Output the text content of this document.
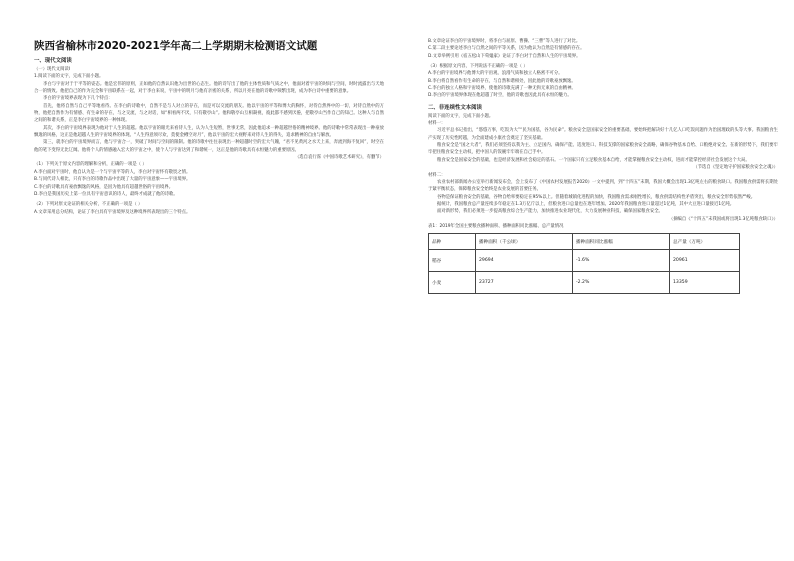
陕西省榆林市2020-2021学年高二上学期期末检测语文试题
一、现代文阅读
（一）现代文阅读Ⅰ

1.阅读下面的文字，完成下面小题。

李白与宇宙对于于平等的姿态。他是宏伟的原则，正如他的自然认识他为出世的心态生。他的诗写出了他的主体性质和气质之中，他面对着宇宙的时间与空间，时时流露出与天地合一的情致。他把自己的作为完全和宇宙联系在一起，对于李白来说，宇宙中的明月与他有亲密的关系，所以月亮在他的诗歌中频繁出现，成为李白诗中重要的意象。

李白的宇宙境界表现为下几个特点：

首先，他将自然与自己平等地看待。在李白的诗歌中，自然不是与人对立的存在，而是可以交流的朋友。他以宇宙的平等和博大的胸怀，对待自然界中的一切，对待自然中的万物，他把自然作为有情感、有生命的存在，与之交流，与之对话，如“相看两不厌，只有敬亭山”。他和敬亭山互相凝视，彼此都不感到厌倦，把敬亭山当作自己的知己。这种人与自然之间的和谐关系，正是李白宇宙境界的一种体现。

其次，李白的宇宙境界表现为他对于人生的超越。他以宇宙的眼光来看待人生，认为人生短暂，世事无常，因此他追求一种超越世俗的精神境界。他的诗歌中常常表现出一种豪放飘逸的风格，这正是他超越人生的宇宙境界的体现。“人生得意须尽欢，莫使金樽空对月”，他以宇宙的宏大视野来对待人生的得失，追求精神的自由与解放。

第三，就李白的宇宙境界而言，他与宇宙合一，突破了时间与空间的限制。他的诗歌中往往表现出一种超越时空的宏大气魄，“君不见黄河之水天上来，奔流到海不复回”，时空在他的笔下变得无比辽阔。他将个人的情感融入宏大的宇宙之中，使个人与宇宙达到了和谐统一，这正是他的诗歌具有永恒魅力的重要原因。

（选自袁行霈《中国诗歌艺术研究》，有删节）

（1）下列关于原文内容的理解和分析，正确的一项是（ ）

A.李白面对宇宙时，他自认为是一个与宇宙平等的人，李白对宇宙怀有敬畏之情。

B.与同代诗人相比，只有李白的诗歌作品中出现了大量的宇宙意象——宇宙境界。

C.李白的诗歌具有豪放飘逸的风格，是因为他具有超越世俗的宇宙境界。

D.李白是我国历史上第一位具有宇宙意识的诗人，最终才成就了他的诗歌。

（2）下列对原文论证的相关分析，不正确的一项是（ ）

A.文章采用总分结构，论证了李白具有宇宙境界及这种境界所表现出的三个特点。

B.文章论证李白的宇宙境界时，将李白与屈原、曹操、“三曹”等人进行了对比。

C.第二段主要论述李白与自然之间的平等关系，因为他认为自然是有情感的存在。

D.文章举例引用《宿五松山下荀媪家》论证了李白对于自然和人生的宇宙境界。

（3）根据原文内容，下列说法不正确的一项是（ ）

A.李白的宇宙境界与他博大的宇宙观、浪漫气质和独立人格密不可分。

B.李白将自然看作有生命的存在，与自然和谐相处，因此他的诗歌豪放飘逸。

C.李白的独立人格和宇宙境界，使他的诗歌充满了一种无拘无束的自由精神。

D.李白的宇宙境界体现在他超越了时空，他的诗歌也因此具有永恒的魅力。

二、非连续性文本阅读

阅读下面的文字，完成下面小题。

材料一：

习近平总书记指出，“悠悠万事，吃饭为大”“民为国基，谷为民命”。粮食安全是国家安全的重要基础，要始终把解决好十几亿人口吃饭问题作为治国理政的头等大事。我国粮食生产实现了历史性跨越，为全面建成小康社会奠定了坚实基础。

粮食安全是“国之大者”，我们必须坚持以我为主、立足国内、确保产能、适度进口、科技支撑的国家粮食安全战略，确保谷物基本自给、口粮绝对安全。在新的形势下，我们要牢牢把住粮食安全主动权，把中国人的饭碗牢牢端在自己手中。

粮食安全是国家安全的基础，也是经济发展和社会稳定的基石。一个国家只有立足粮食基本自给，才能掌握粮食安全主动权，进而才能掌控经济社会发展这个大局。

（节选自《坚定地守护国家粮食安全之魂》）

材料二：

农业农村部新闻办公室举行新闻发布会，会上发布了《中国农村发展报告2020》一文中提到，到“十四五”末期，我国大概会出现1.3亿吨左右的粮食缺口。我国粮食供需将长期处于紧平衡状态，保障粮食安全始终是农业发展的首要任务。

谷物是保证粮食安全的基础，谷物自给率要稳定在95%以上。但随着城镇化进程的加快，我国粮食需求刚性增长，粮食供需结构性矛盾突出，粮食安全形势依然严峻。

据统计，我国粮食总产量连续多年稳定在1.3万亿斤以上，但粮食进口总量也在逐年增加。2020年我国粮食进口量超过1亿吨，其中大豆进口量接近1亿吨。

面对新形势，我们必须进一步提高粮食综合生产能力，加快推进农业现代化，大力发展种业科技，确保国家粮食安全。

（摘编自《“十四五”末我国或将出现1.3亿吨粮食缺口》）

表1：2019年全国主要粮食播种面积、播种面积同比涨幅、总产量情况

品种	播种面积（千公顷）	播种面积同比涨幅	总产量（万吨）
稻谷	29694	-1.6%	20961
小麦	23727	-2.2%	13359
